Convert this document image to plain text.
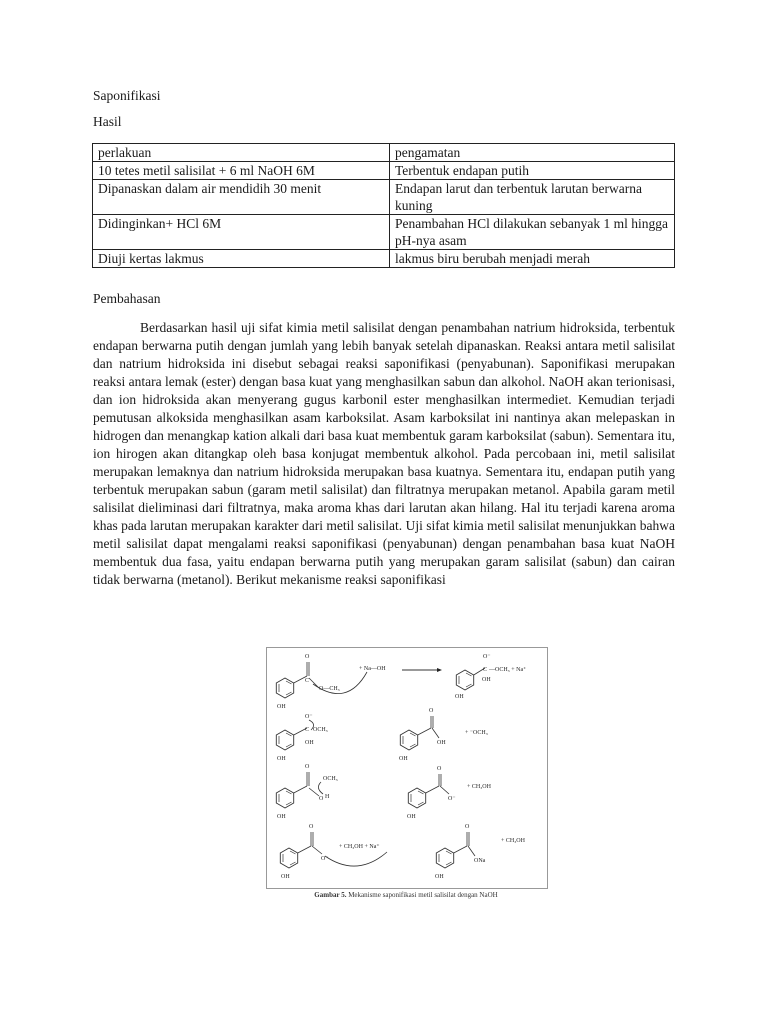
Saponifikasi
Hasil
perlakuan	pengamatan
10 tetes metil salisilat + 6 ml NaOH 6M	Terbentuk endapan putih
Dipanaskan dalam air mendidih 30 menit	Endapan larut dan terbentuk larutan berwarna kuning
Didinginkan+ HCl 6M	Penambahan HCl dilakukan sebanyak 1 ml hingga pH-nya asam
Diuji kertas lakmus	lakmus biru berubah menjadi merah
Pembahasan

Berdasarkan hasil uji sifat kimia metil salisilat dengan penambahan natrium hidroksida, terbentuk endapan berwarna putih dengan jumlah yang lebih banyak setelah dipanaskan. Reaksi antara metil salisilat dan natrium hidroksida ini disebut sebagai reaksi saponifikasi (penyabunan). Saponifikasi merupakan reaksi antara lemak (ester) dengan basa kuat yang menghasilkan sabun dan alkohol. NaOH akan terionisasi, dan ion hidroksida akan menyerang gugus karbonil ester menghasilkan intermediet. Kemudian terjadi pemutusan alkoksida menghasilkan asam karboksilat. Asam karboksilat ini nantinya akan melepaskan in hidrogen dan menangkap kation alkali dari basa kuat membentuk garam karboksilat (sabun). Sementara itu, ion hirogen akan ditangkap oleh basa konjugat membentuk alkohol. Pada percobaan ini, metil salisilat merupakan lemaknya dan natrium hidroksida merupakan basa kuatnya. Sementara itu, endapan putih yang terbentuk merupakan sabun (garam metil salisilat) dan filtratnya merupakan metanol. Apabila garam metil salisilat dieliminasi dari filtratnya, maka aroma khas dari larutan akan hilang. Hal itu terjadi karena aroma khas pada larutan merupakan karakter dari metil salisilat. Uji sifat kimia metil salisilat menunjukkan bahwa metil salisilat dapat mengalami reaksi saponifikasi (penyabunan) dengan penambahan basa kuat NaOH membentuk dua fasa, yaitu endapan berwarna putih yang merupakan garam salisilat (sabun) dan cairan tidak berwarna (metanol). Berikut mekanisme reaksi saponifikasi

O
C
O—CH₃
OH
+ Na—OH
O⁻
C —OCH₃ + Na⁺
OH
OH
O⁻
C OCH₃
OH
OH
O
OH
OH
+ ⁻OCH₃
O
O H
OCH₃
OH
O
O⁻
OH
+ CH₃OH
O
O⁻
OH
+ CH₃OH + Na⁺
O
ONa
OH
+ CH₃OH
Gambar 5. Mekanisme saponifikasi metil salisilat dengan NaOH
